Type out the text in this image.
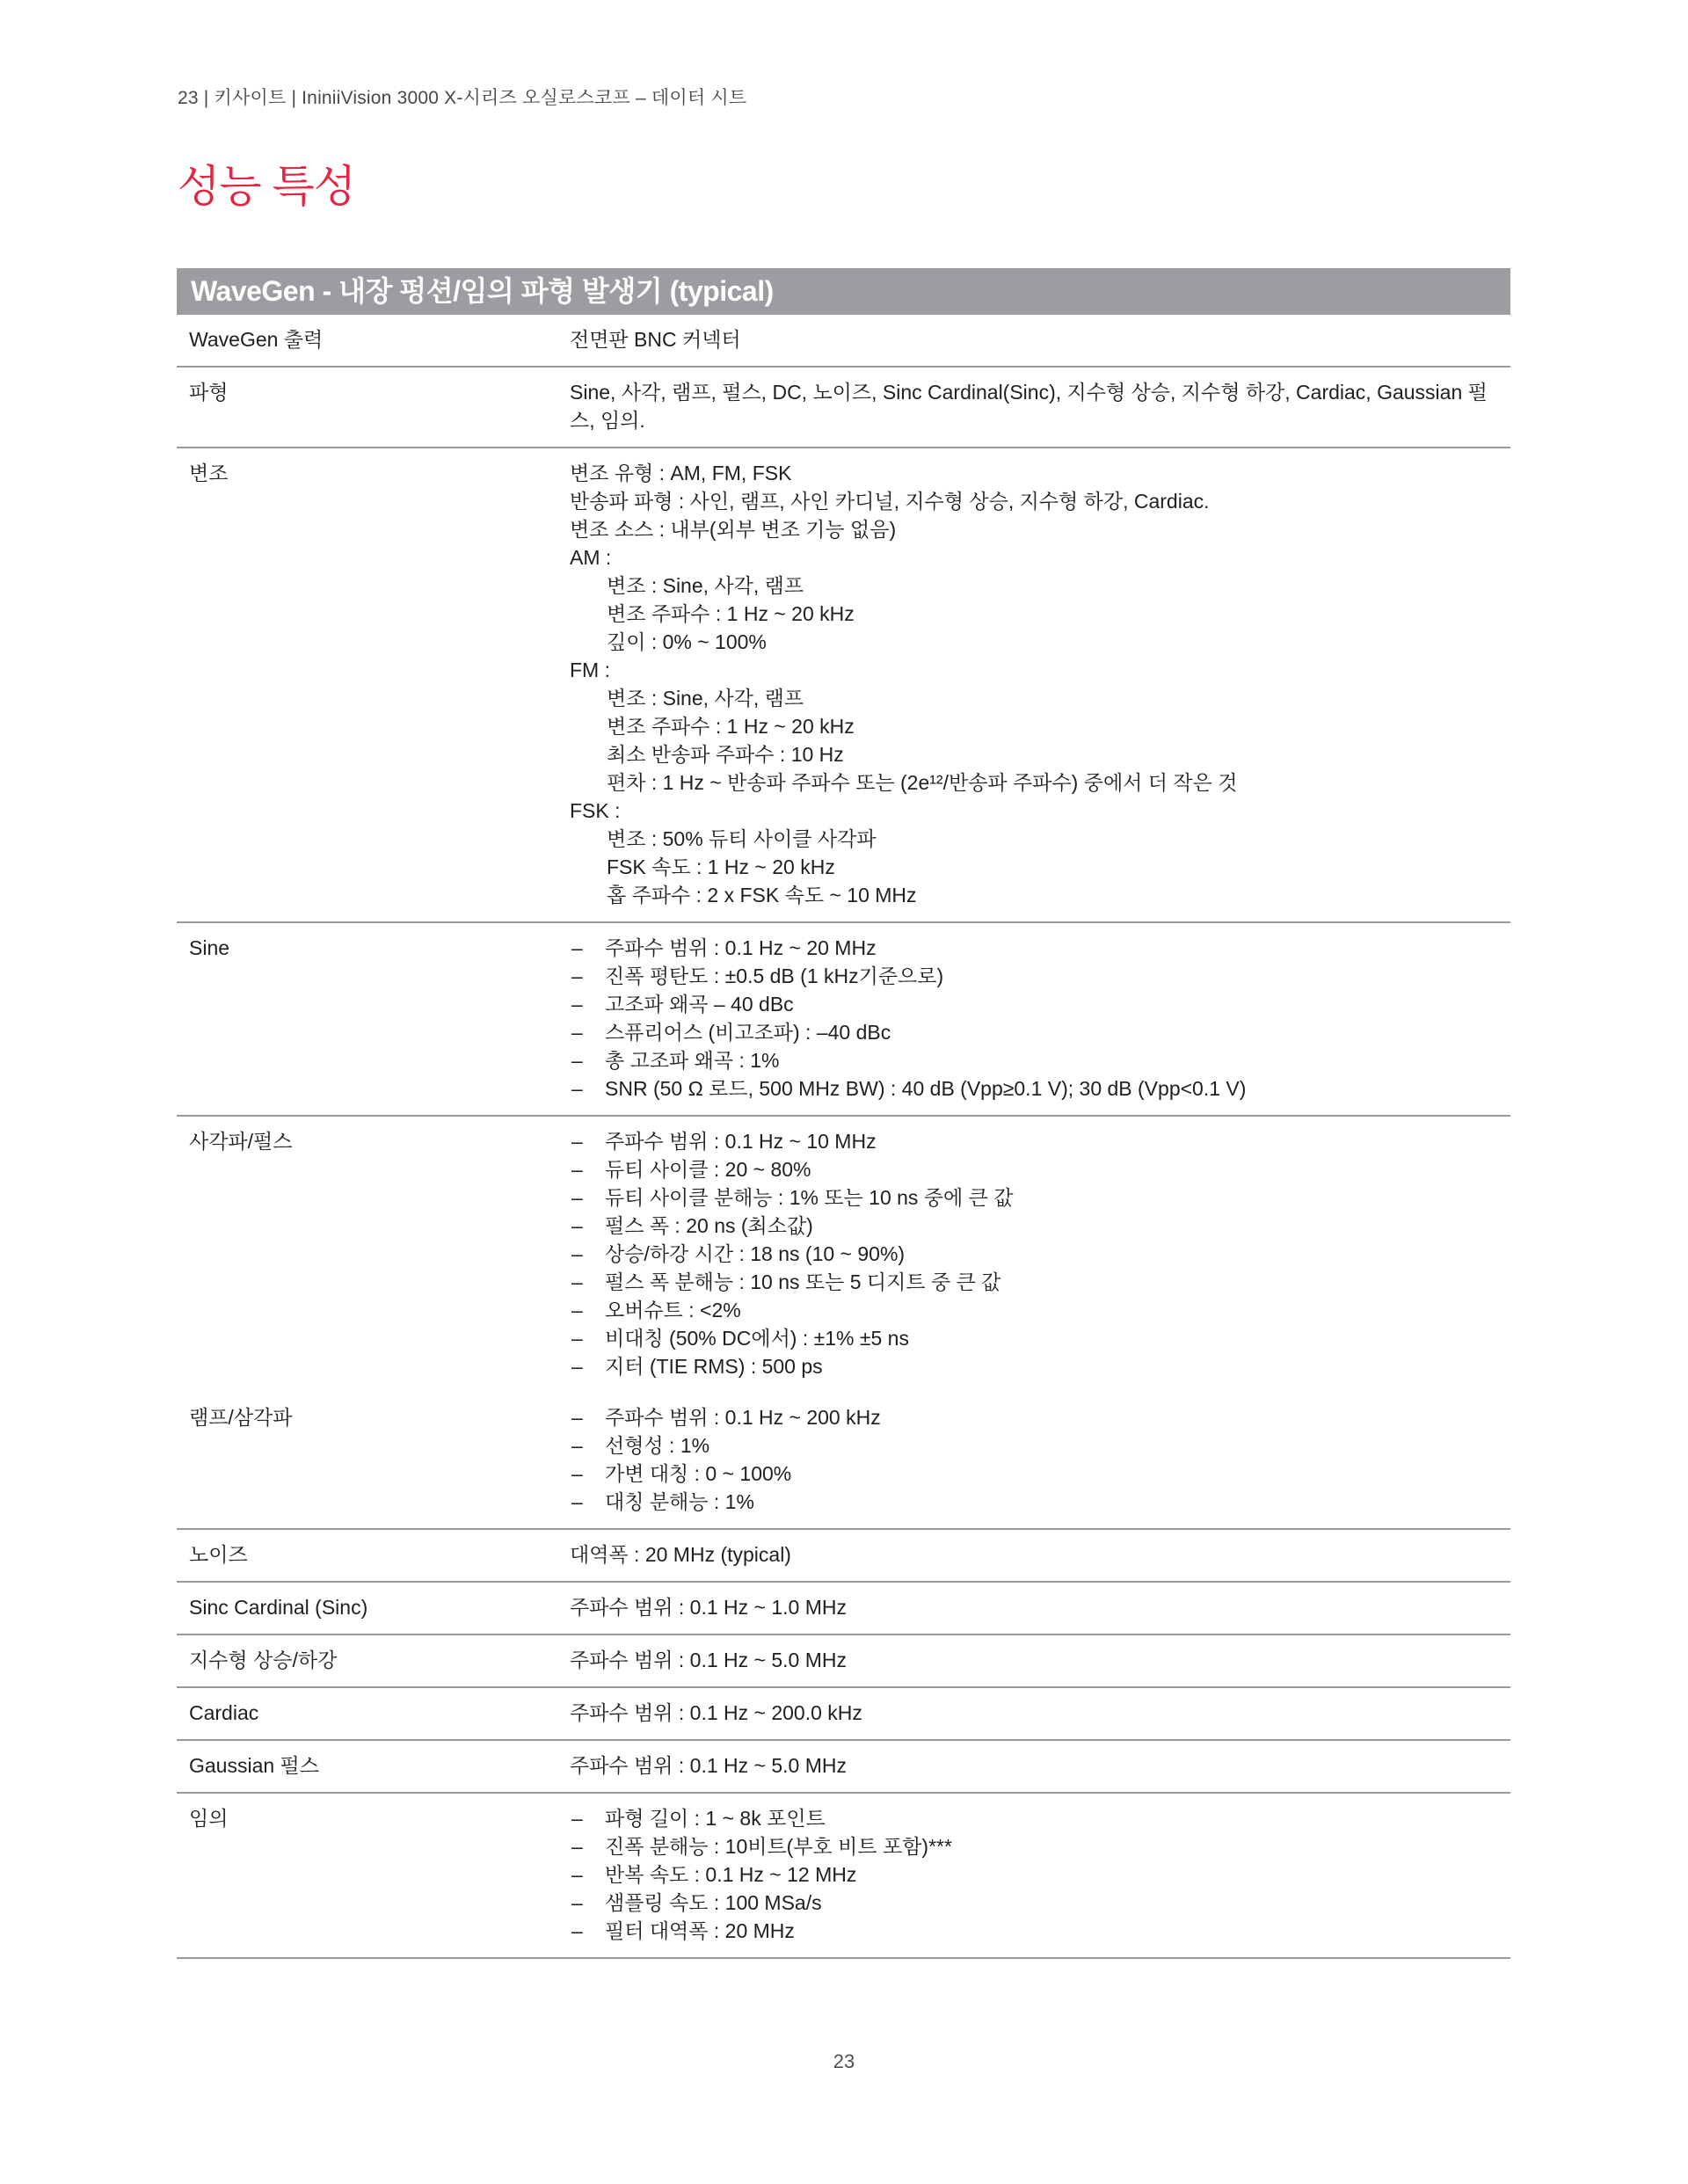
23 | 키사이트 | IniniiVision 3000 X-시리즈 오실로스코프 – 데이터 시트
성능 특성
WaveGen - 내장 펑션/임의 파형 발생기 (typical)
WaveGen 출력	전면판 BNC 커넥터
파형	Sine, 사각, 램프, 펄스, DC, 노이즈, Sinc Cardinal(Sinc), 지수형 상승, 지수형 하강, Cardiac, Gaussian 펄스, 임의.
변조	변조 유형 : AM, FM, FSK
반송파 파형 : 사인, 램프, 사인 카디널, 지수형 상승, 지수형 하강, Cardiac.
변조 소스 : 내부(외부 변조 기능 없음)
AM :
변조 : Sine, 사각, 램프
변조 주파수 : 1 Hz ~ 20 kHz
깊이 : 0% ~ 100%
FM :
변조 : Sine, 사각, 램프
변조 주파수 : 1 Hz ~ 20 kHz
최소 반송파 주파수 : 10 Hz
편차 : 1 Hz ~ 반송파 주파수 또는 (2e¹²/반송파 주파수) 중에서 더 작은 것
FSK :
변조 : 50% 듀티 사이클 사각파
FSK 속도 : 1 Hz ~ 20 kHz
홉 주파수 : 2 x FSK 속도 ~ 10 MHz
Sine	– 주파수 범위 : 0.1 Hz ~ 20 MHz
– 진폭 평탄도 : ±0.5 dB (1 kHz기준으로)
– 고조파 왜곡 – 40 dBc
– 스퓨리어스 (비고조파) : –40 dBc
– 총 고조파 왜곡 : 1%
– SNR (50 Ω 로드, 500 MHz BW) : 40 dB (Vpp≥0.1 V); 30 dB (Vpp<0.1 V)
사각파/펄스	– 주파수 범위 : 0.1 Hz ~ 10 MHz
– 듀티 사이클 : 20 ~ 80%
– 듀티 사이클 분해능 : 1% 또는 10 ns 중에 큰 값
– 펄스 폭 : 20 ns (최소값)
– 상승/하강 시간 : 18 ns (10 ~ 90%)
– 펄스 폭 분해능 : 10 ns 또는 5 디지트 중 큰 값
– 오버슈트 : <2%
– 비대칭 (50% DC에서) : ±1% ±5 ns
– 지터 (TIE RMS) : 500 ps
램프/삼각파	– 주파수 범위 : 0.1 Hz ~ 200 kHz
– 선형성 : 1%
– 가변 대칭 : 0 ~ 100%
– 대칭 분해능 : 1%
노이즈	대역폭 : 20 MHz (typical)
Sinc Cardinal (Sinc)	주파수 범위 : 0.1 Hz ~ 1.0 MHz
지수형 상승/하강	주파수 범위 : 0.1 Hz ~ 5.0 MHz
Cardiac	주파수 범위 : 0.1 Hz ~ 200.0 kHz
Gaussian 펄스	주파수 범위 : 0.1 Hz ~ 5.0 MHz
임의	– 파형 길이 : 1 ~ 8k 포인트
– 진폭 분해능 : 10비트(부호 비트 포함)***
– 반복 속도 : 0.1 Hz ~ 12 MHz
– 샘플링 속도 : 100 MSa/s
– 필터 대역폭 : 20 MHz
23
